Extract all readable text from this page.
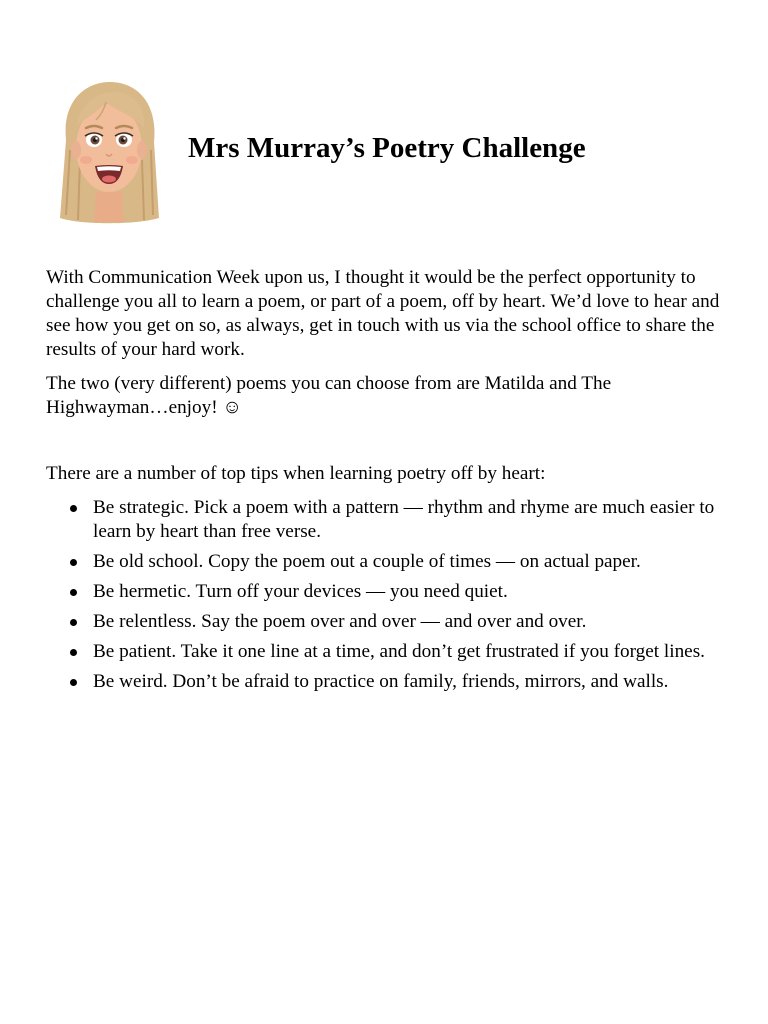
Mrs Murray’s Poetry Challenge

With Communication Week upon us, I thought it would be the perfect opportunity to challenge you all to learn a poem, or part of a poem, off by heart. We’d love to hear and see how you get on so, as always, get in touch with us via the school office to share the results of your hard work.

The two (very different) poems you can choose from are Matilda and The Highwayman…enjoy! ☺

There are a number of top tips when learning poetry off by heart:

Be strategic. Pick a poem with a pattern — rhythm and rhyme are much easier to learn by heart than free verse.
Be old school. Copy the poem out a couple of times — on actual paper.
Be hermetic. Turn off your devices — you need quiet.
Be relentless. Say the poem over and over — and over and over.
Be patient. Take it one line at a time, and don’t get frustrated if you forget lines.
Be weird. Don’t be afraid to practice on family, friends, mirrors, and walls.
